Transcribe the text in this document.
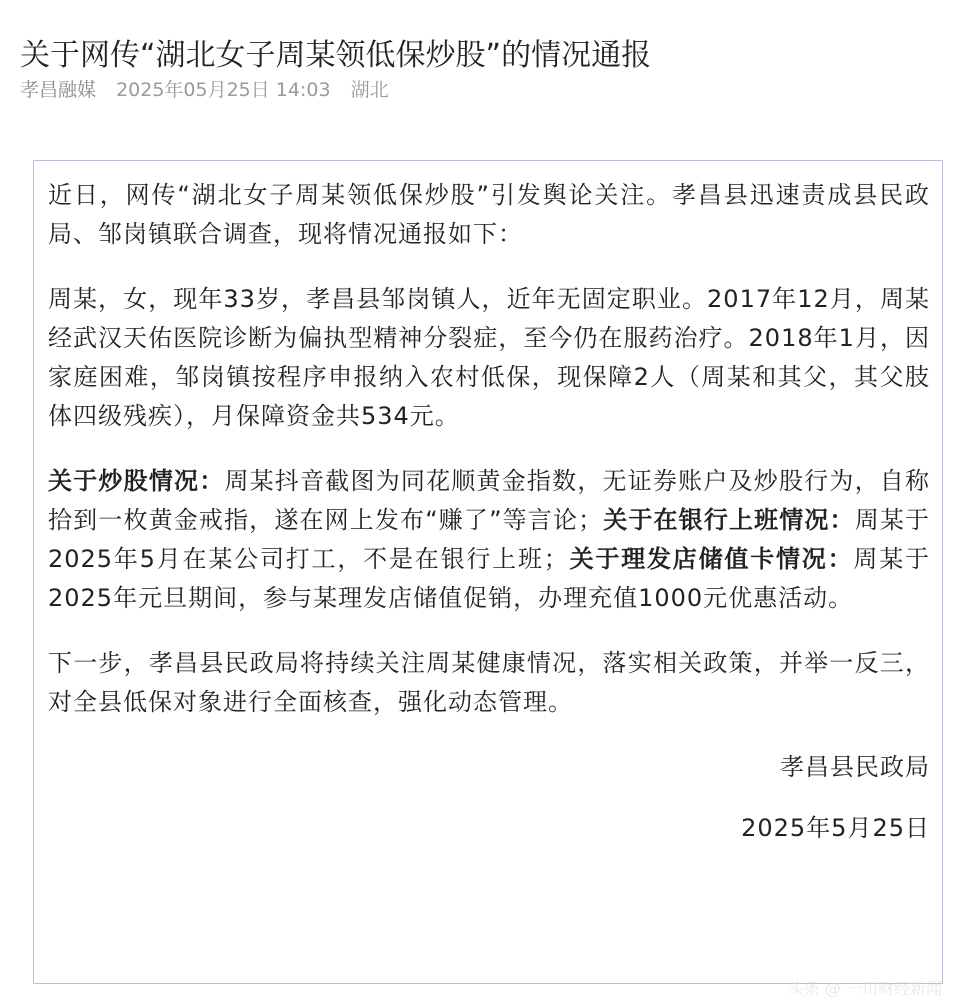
关于网传“湖北女子周某领低保炒股”的情况通报
孝昌融媒 2025年05月25日 14:03 湖北

近日，网传“湖北女子周某领低保炒股”引发舆论关注。孝昌县迅速责成县民政局、邹岗镇联合调查，现将情况通报如下：

周某，女，现年33岁，孝昌县邹岗镇人，近年无固定职业。2017年12月，周某经武汉天佑医院诊断为偏执型精神分裂症，至今仍在服药治疗。2018年1月，因家庭困难，邹岗镇按程序申报纳入农村低保，现保障2人（周某和其父，其父肢体四级残疾），月保障资金共534元。

关于炒股情况：周某抖音截图为同花顺黄金指数，无证券账户及炒股行为，自称拾到一枚黄金戒指，遂在网上发布“赚了”等言论；关于在银行上班情况：周某于2025年5月在某公司打工，不是在银行上班；关于理发店储值卡情况：周某于2025年元旦期间，参与某理发店储值促销，办理充值1000元优惠活动。

下一步，孝昌县民政局将持续关注周某健康情况，落实相关政策，并举一反三，对全县低保对象进行全面核查，强化动态管理。

孝昌县民政局
2025年5月25日
头条 @ 一川财经新闻
